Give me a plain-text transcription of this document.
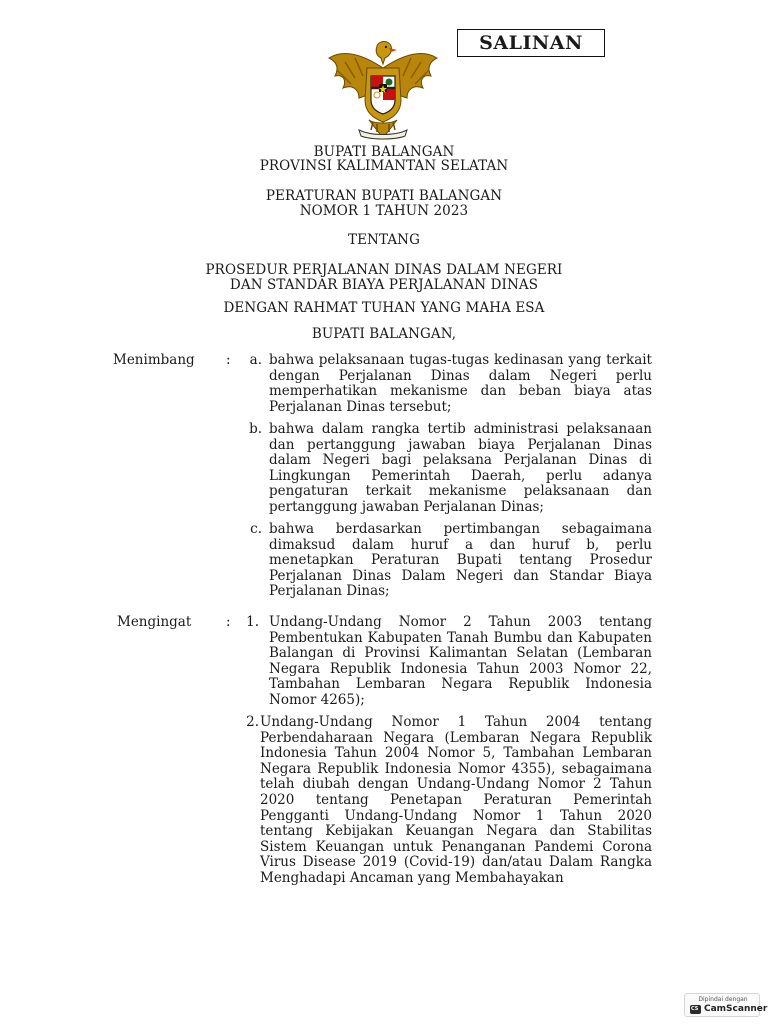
SALINAN
BUPATI BALANGAN
PROVINSI KALIMANTAN SELATAN
PERATURAN BUPATI BALANGAN
NOMOR 1 TAHUN 2023
TENTANG
PROSEDUR PERJALANAN DINAS DALAM NEGERI
DAN STANDAR BIAYA PERJALANAN DINAS
DENGAN RAHMAT TUHAN YANG MAHA ESA
BUPATI BALANGAN,
Menimbang :	a. bahwa pelaksanaan tugas-tugas kedinasan yang terkait dengan Perjalanan Dinas dalam Negeri perlu memperhatikan mekanisme dan beban biaya atas Perjalanan Dinas tersebut;

b. bahwa dalam rangka tertib administrasi pelaksanaan dan pertanggung jawaban biaya Perjalanan Dinas dalam Negeri bagi pelaksana Perjalanan Dinas di Lingkungan Pemerintah Daerah, perlu adanya pengaturan terkait mekanisme pelaksanaan dan pertanggung jawaban Perjalanan Dinas;

c. bahwa berdasarkan pertimbangan sebagaimana dimaksud dalam huruf a dan huruf b, perlu menetapkan Peraturan Bupati tentang Prosedur Perjalanan Dinas Dalam Negeri dan Standar Biaya Perjalanan Dinas;

Mengingat	:	1. Undang-Undang Nomor 2 Tahun 2003 tentang Pembentukan Kabupaten Tanah Bumbu dan Kabupaten Balangan di Provinsi Kalimantan Selatan (Lembaran Negara Republik Indonesia Tahun 2003 Nomor 22, Tambahan Lembaran Negara Republik Indonesia Nomor 4265);

2. Undang-Undang Nomor 1 Tahun 2004 tentang Perbendaharaan Negara (Lembaran Negara Republik Indonesia Tahun 2004 Nomor 5, Tambahan Lembaran Negara Republik Indonesia Nomor 4355), sebagaimana telah diubah dengan Undang-Undang Nomor 2 Tahun 2020 tentang Penetapan Peraturan Pemerintah Pengganti Undang-Undang Nomor 1 Tahun 2020 tentang Kebijakan Keuangan Negara dan Stabilitas Sistem Keuangan untuk Penanganan Pandemi Corona Virus Disease 2019 (Covid-19) dan/atau Dalam Rangka Menghadapi Ancaman yang Membahayakan

Dipindai dengan
CS
CamScanner
